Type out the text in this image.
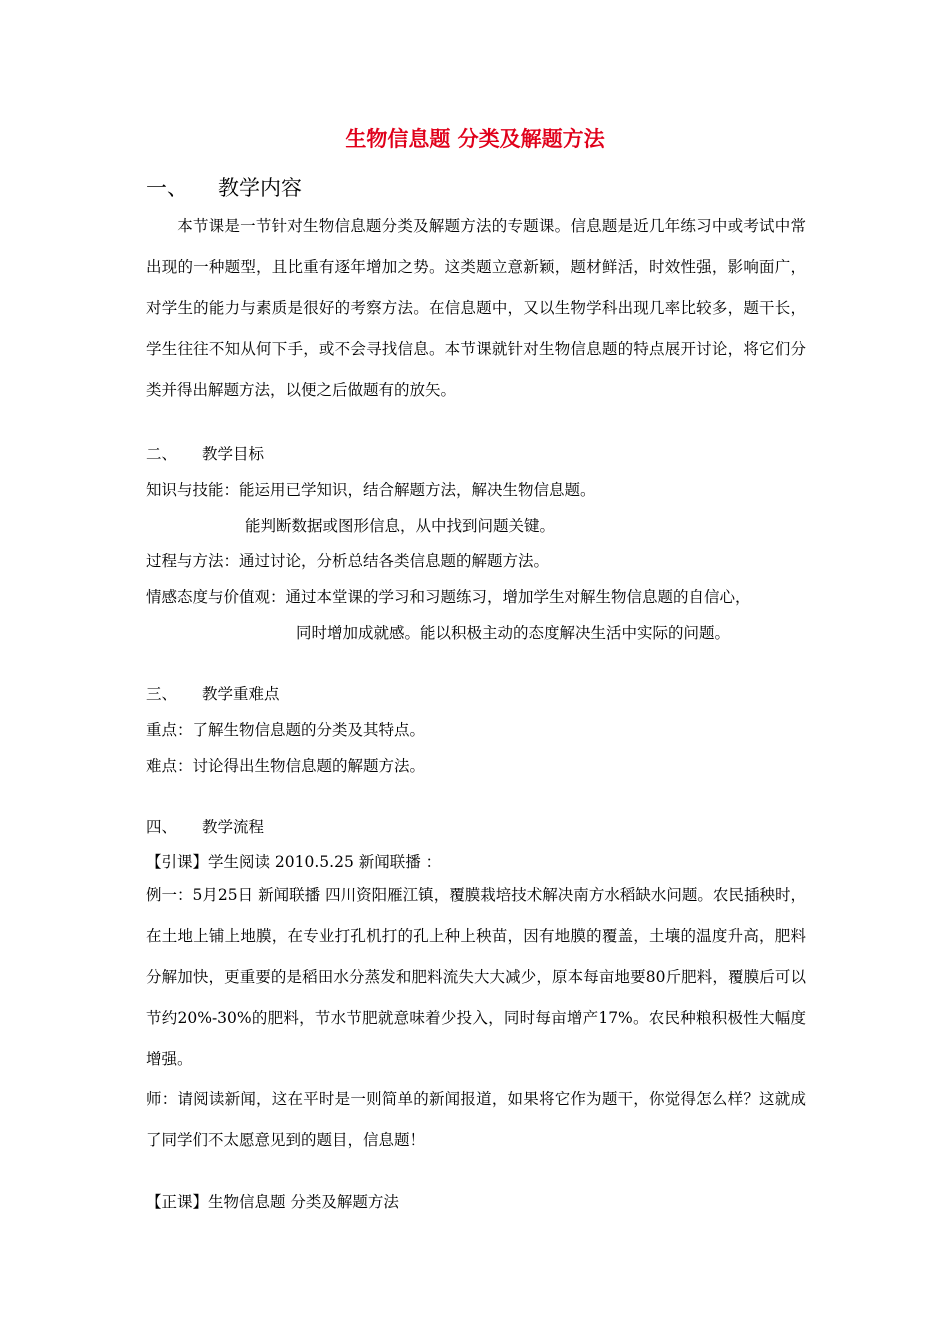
生物信息题 分类及解题方法
一、 教学内容
本节课是一节针对生物信息题分类及解题方法的专题课。信息题是近几年练习中或考试中常出现的一种题型，且比重有逐年增加之势。这类题立意新颖，题材鲜活，时效性强，影响面广，对学生的能力与素质是很好的考察方法。在信息题中，又以生物学科出现几率比较多，题干长，学生往往不知从何下手，或不会寻找信息。本节课就针对生物信息题的特点展开讨论，将它们分类并得出解题方法，以便之后做题有的放矢。
二、 教学目标
知识与技能：能运用已学知识，结合解题方法，解决生物信息题。
能判断数据或图形信息，从中找到问题关键。
过程与方法：通过讨论，分析总结各类信息题的解题方法。
情感态度与价值观：通过本堂课的学习和习题练习，增加学生对解生物信息题的自信心，
同时增加成就感。能以积极主动的态度解决生活中实际的问题。
三、 教学重难点
重点：了解生物信息题的分类及其特点。
难点：讨论得出生物信息题的解题方法。
四、 教学流程
【引课】学生阅读 2010.5.25 新闻联播 ：
例一：5月25日 新闻联播 四川资阳雁江镇，覆膜栽培技术解决南方水稻缺水问题。农民插秧时，在土地上铺上地膜，在专业打孔机打的孔上种上秧苗，因有地膜的覆盖，土壤的温度升高，肥料分解加快，更重要的是稻田水分蒸发和肥料流失大大减少，原本每亩地要80斤肥料，覆膜后可以节约20%-30%的肥料，节水节肥就意味着少投入，同时每亩增产17%。农民种粮积极性大幅度增强。
师：请阅读新闻，这在平时是一则简单的新闻报道，如果将它作为题干，你觉得怎么样？这就成了同学们不太愿意见到的题目，信息题！
【正课】生物信息题 分类及解题方法
